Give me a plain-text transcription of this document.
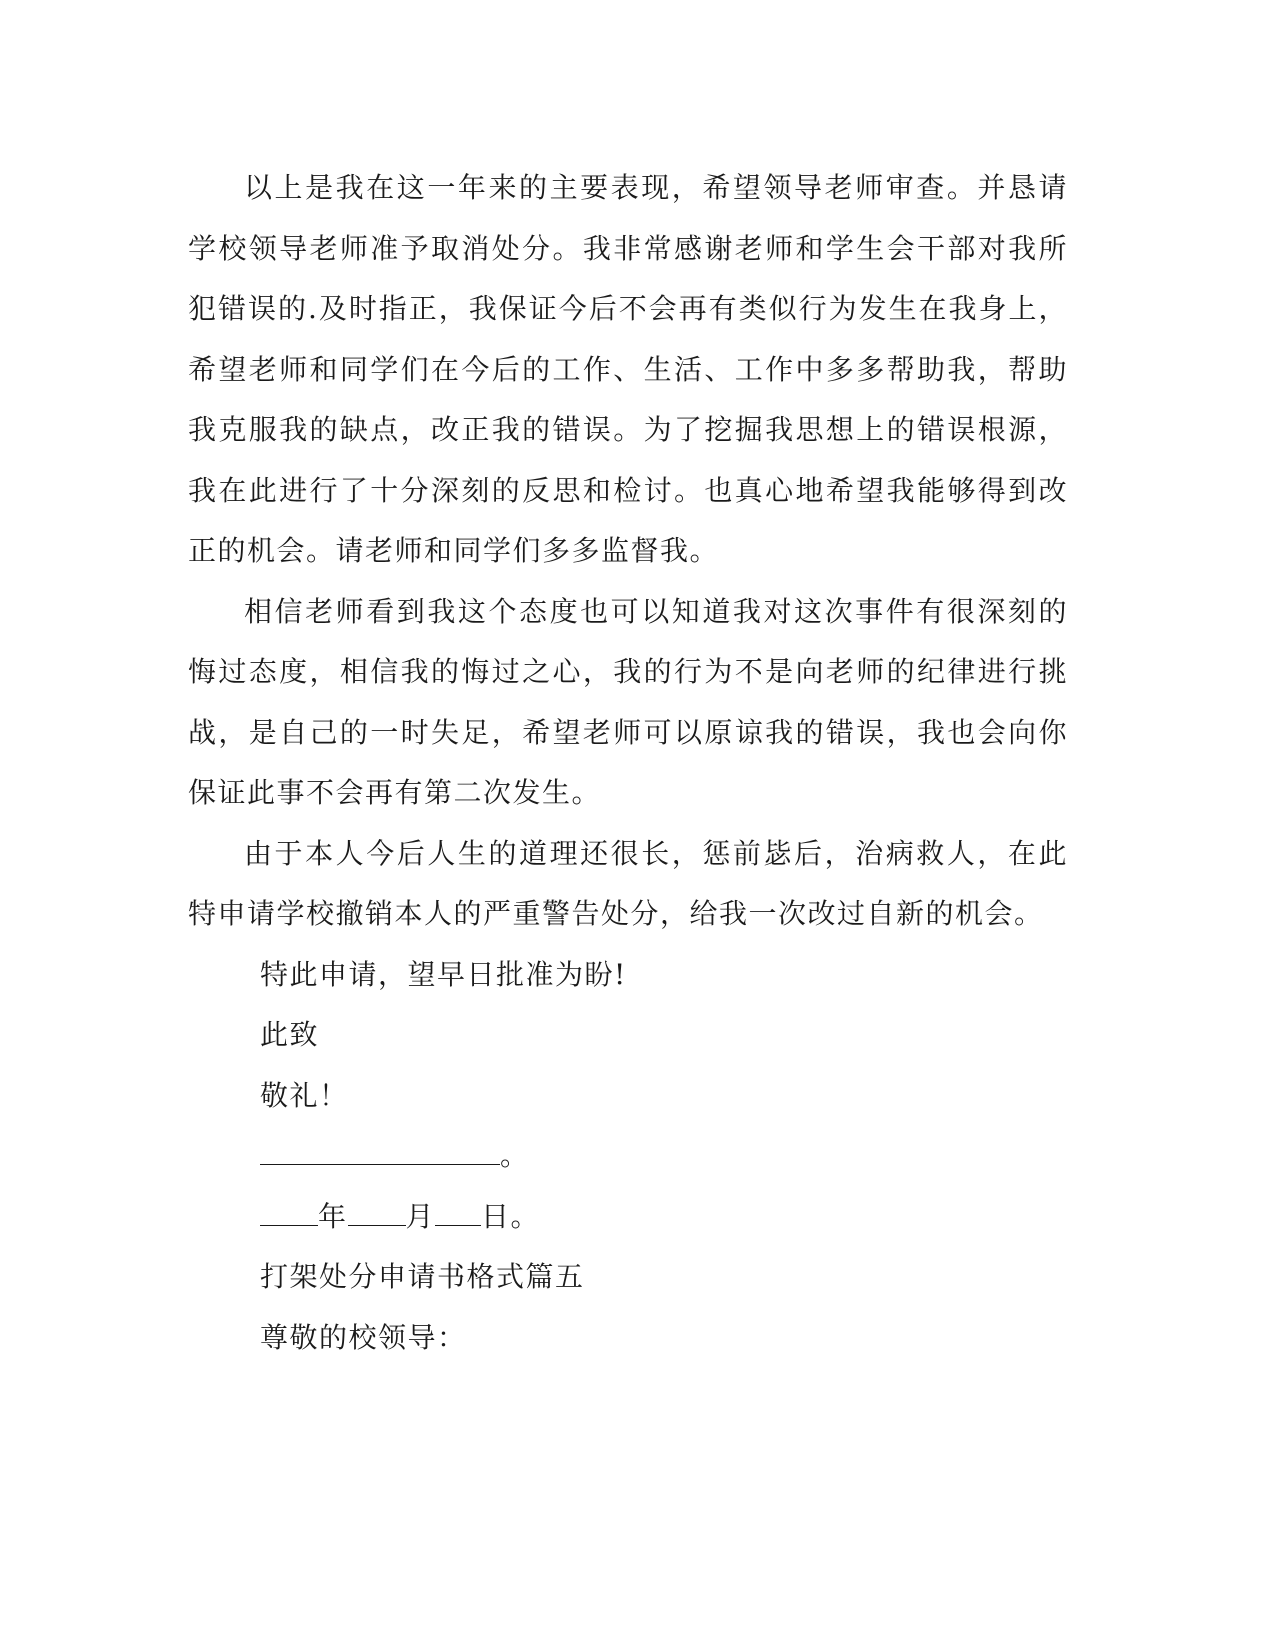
以上是我在这一年来的主要表现，希望领导老师审查。并恳请学校领导老师准予取消处分。我非常感谢老师和学生会干部对我所犯错误的.及时指正，我保证今后不会再有类似行为发生在我身上，希望老师和同学们在今后的工作、生活、工作中多多帮助我，帮助我克服我的缺点，改正我的错误。为了挖掘我思想上的错误根源，我在此进行了十分深刻的反思和检讨。也真心地希望我能够得到改正的机会。请老师和同学们多多监督我。

相信老师看到我这个态度也可以知道我对这次事件有很深刻的悔过态度，相信我的悔过之心，我的行为不是向老师的纪律进行挑战，是自己的一时失足，希望老师可以原谅我的错误，我也会向你保证此事不会再有第二次发生。

由于本人今后人生的道理还很长，惩前毖后，治病救人，在此特申请学校撤销本人的严重警告处分，给我一次改过自新的机会。

特此申请，望早日批准为盼!

此致

敬礼！

。

年 月 日。

打架处分申请书格式篇五

尊敬的校领导：
